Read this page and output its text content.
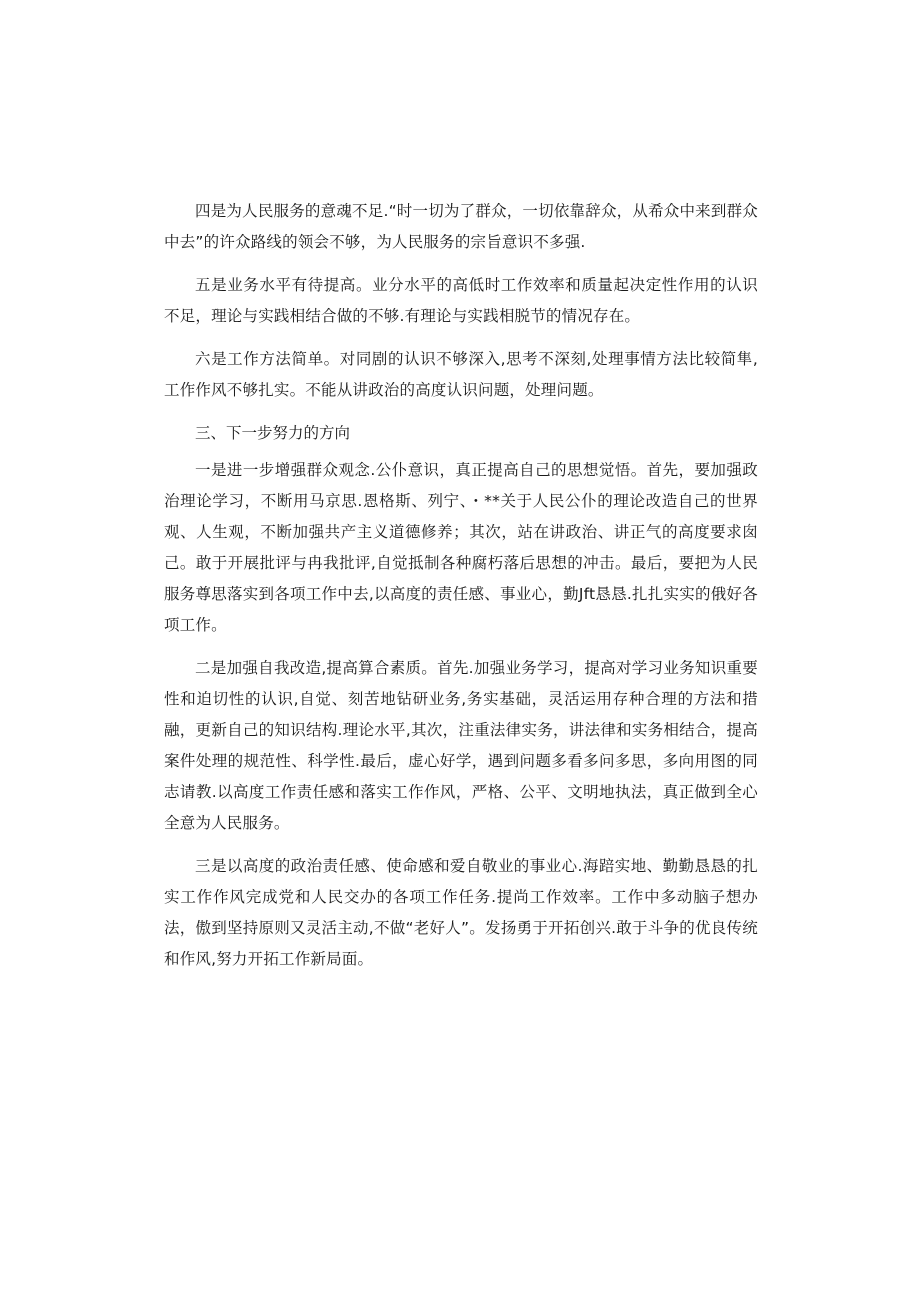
四是为人民服务的意魂不足.“时一切为了群众，一切依靠辞众，从希众中来到群众中去”的许众路线的领会不够，为人民服务的宗旨意识不多强.

五是业务水平有待提高。业分水平的高低时工作效率和质量起决定性作用的认识不足，理论与实践相结合做的不够.有理论与实践相脱节的情况存在。

六是工作方法简单。对同剧的认识不够深入,思考不深刻,处理事情方法比较简隼,工作作风不够扎实。不能从讲政治的高度认识问题，处理问题。

三、下一步努力的方向

一是进一步增强群众观念.公仆意识，真正提高自己的思想觉悟。首先，要加强政治理论学习，不断用马京思.恩格斯、列宁、・**关于人民公仆的理论改造自己的世界观、人生观，不断加强共产主义道德修养；其次，站在讲政治、讲正气的高度要求囱己。敢于开展批评与冉我批评,自觉抵制各种腐朽落后思想的冲击。最后，要把为人民服务尊思落实到各项工作中去,以高度的责任感、事业心，勤Jft恳恳.扎扎实实的俄好各项工作。

二是加强自我改造,提高算合素质。首先.加强业务学习，提高对学习业务知识重要性和迫切性的认识,自觉、刻苦地钻研业务,务实基础，灵活运用存种合理的方法和措融，更新自己的知识结构.理论水平,其次，注重法律实务，讲法律和实务相结合，提高案件处理的规范性、科学性.最后，虚心好学，遇到问题多看多问多思，多向用图的同志请教.以高度工作责任感和落实工作作风，严格、公平、文明地执法，真正做到全心全意为人民服务。

三是以高度的政治责任感、使命感和爱自敬业的事业心.海踣实地、勤勤恳恳的扎实工作作风完成党和人民交办的各项工作任务.提尚工作效率。工作中多动脑子想办法，傲到坚持原则又灵活主动,不做“老好人”。发扬勇于开拓创兴.敢于斗争的优良传统和作风,努力开拓工作新局面。
